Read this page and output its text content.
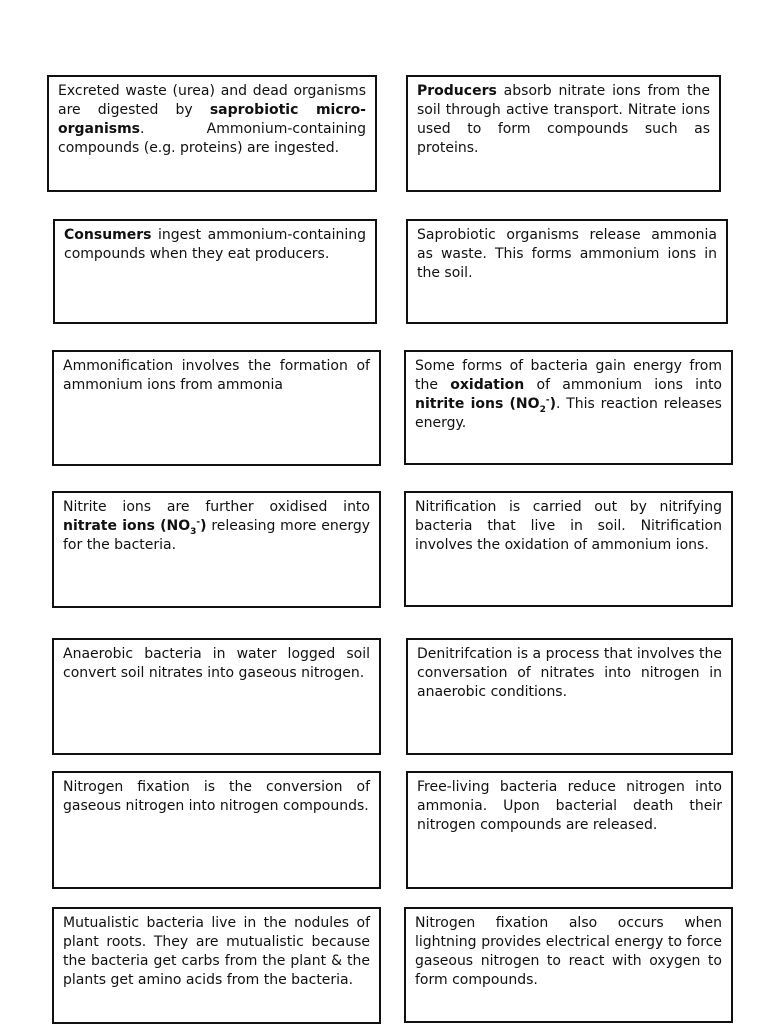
Excreted waste (urea) and dead organisms are digested by saprobiotic micro-organisms. Ammonium-containing compounds (e.g. proteins) are ingested.

Producers absorb nitrate ions from the soil through active transport. Nitrate ions used to form compounds such as proteins.

Consumers ingest ammonium-containing compounds when they eat producers.

Saprobiotic organisms release ammonia as waste. This forms ammonium ions in the soil.

Ammonification involves the formation of ammonium ions from ammonia

Some forms of bacteria gain energy from the oxidation of ammonium ions into nitrite ions $(NO_2^-)$. This reaction releases energy.

Nitrite ions are further oxidised into nitrate ions $(NO_3^-)$ releasing more energy for the bacteria.

Nitrification is carried out by nitrifying bacteria that live in soil. Nitrification involves the oxidation of ammonium ions.

Anaerobic bacteria in water logged soil convert soil nitrates into gaseous nitrogen.

Denitrifcation is a process that involves the conversation of nitrates into nitrogen in anaerobic conditions.

Nitrogen fixation is the conversion of gaseous nitrogen into nitrogen compounds.

Free-living bacteria reduce nitrogen into ammonia. Upon bacterial death their nitrogen compounds are released.

Mutualistic bacteria live in the nodules of plant roots. They are mutualistic because the bacteria get carbs from the plant & the plants get amino acids from the bacteria.

Nitrogen fixation also occurs when lightning provides electrical energy to force gaseous nitrogen to react with oxygen to form compounds.
